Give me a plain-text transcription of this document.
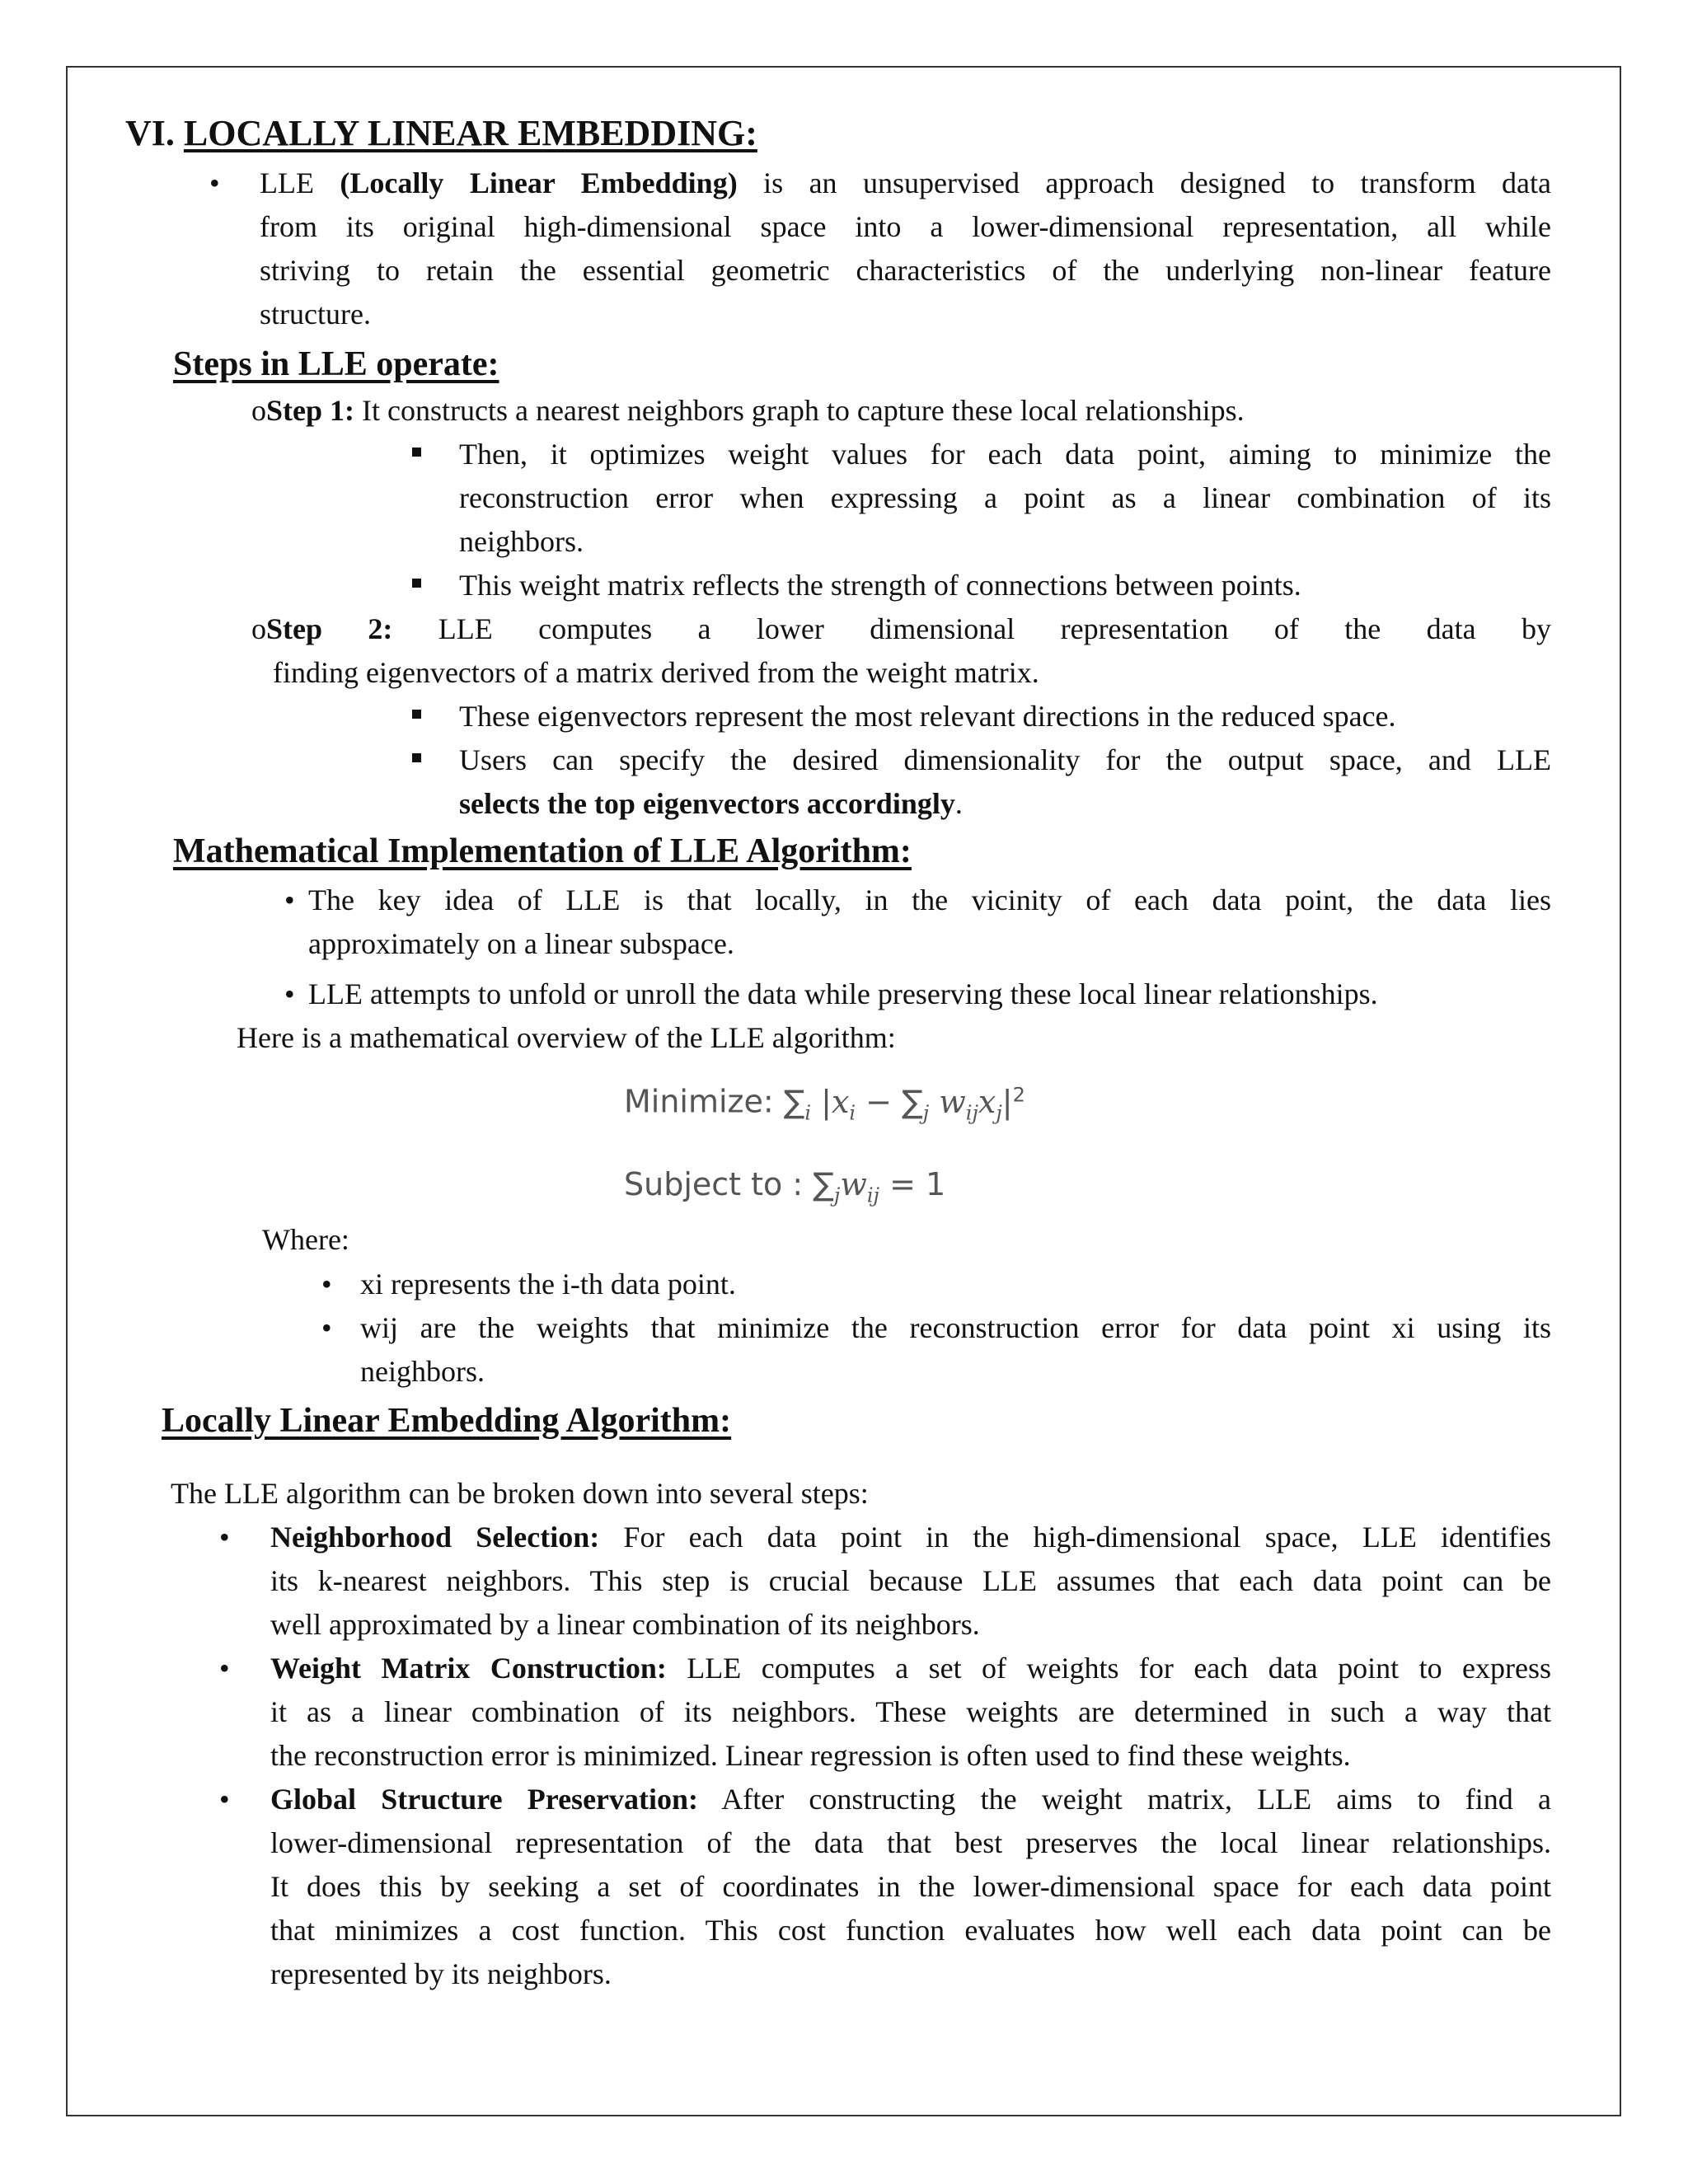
VI. LOCALLY LINEAR EMBEDDING:
• LLE (Locally Linear Embedding) is an unsupervised approach designed to transform data
from its original high-dimensional space into a lower-dimensional representation, all while
striving to retain the essential geometric characteristics of the underlying non-linear feature
structure.
Steps in LLE operate:
oStep 1: It constructs a nearest neighbors graph to capture these local relationships.
Then, it optimizes weight values for each data point, aiming to minimize the
reconstruction error when expressing a point as a linear combination of its
neighbors.
This weight matrix reflects the strength of connections between points.
oStep 2: LLE computes a lower dimensional representation of the data by
finding eigenvectors of a matrix derived from the weight matrix.
These eigenvectors represent the most relevant directions in the reduced space.
Users can specify the desired dimensionality for the output space, and LLE
selects the top eigenvectors accordingly.
Mathematical Implementation of LLE Algorithm:
• The key idea of LLE is that locally, in the vicinity of each data point, the data lies
approximately on a linear subspace.
• LLE attempts to unfold or unroll the data while preserving these local linear relationships.
Here is a mathematical overview of the LLE algorithm:
Minimize: $\sum_i$ $|x_i - \sum_j$ $w_{ij}x_j|^2$
Subject to : $\sum_jw_{ij} = 1$
Where:
• xi represents the i-th data point.
• wij are the weights that minimize the reconstruction error for data point xi using its
neighbors.
Locally Linear Embedding Algorithm:
The LLE algorithm can be broken down into several steps:
• Neighborhood Selection: For each data point in the high-dimensional space, LLE identifies
its k-nearest neighbors. This step is crucial because LLE assumes that each data point can be
well approximated by a linear combination of its neighbors.
• Weight Matrix Construction: LLE computes a set of weights for each data point to express
it as a linear combination of its neighbors. These weights are determined in such a way that
the reconstruction error is minimized. Linear regression is often used to find these weights.
• Global Structure Preservation: After constructing the weight matrix, LLE aims to find a
lower-dimensional representation of the data that best preserves the local linear relationships.
It does this by seeking a set of coordinates in the lower-dimensional space for each data point
that minimizes a cost function. This cost function evaluates how well each data point can be
represented by its neighbors.
